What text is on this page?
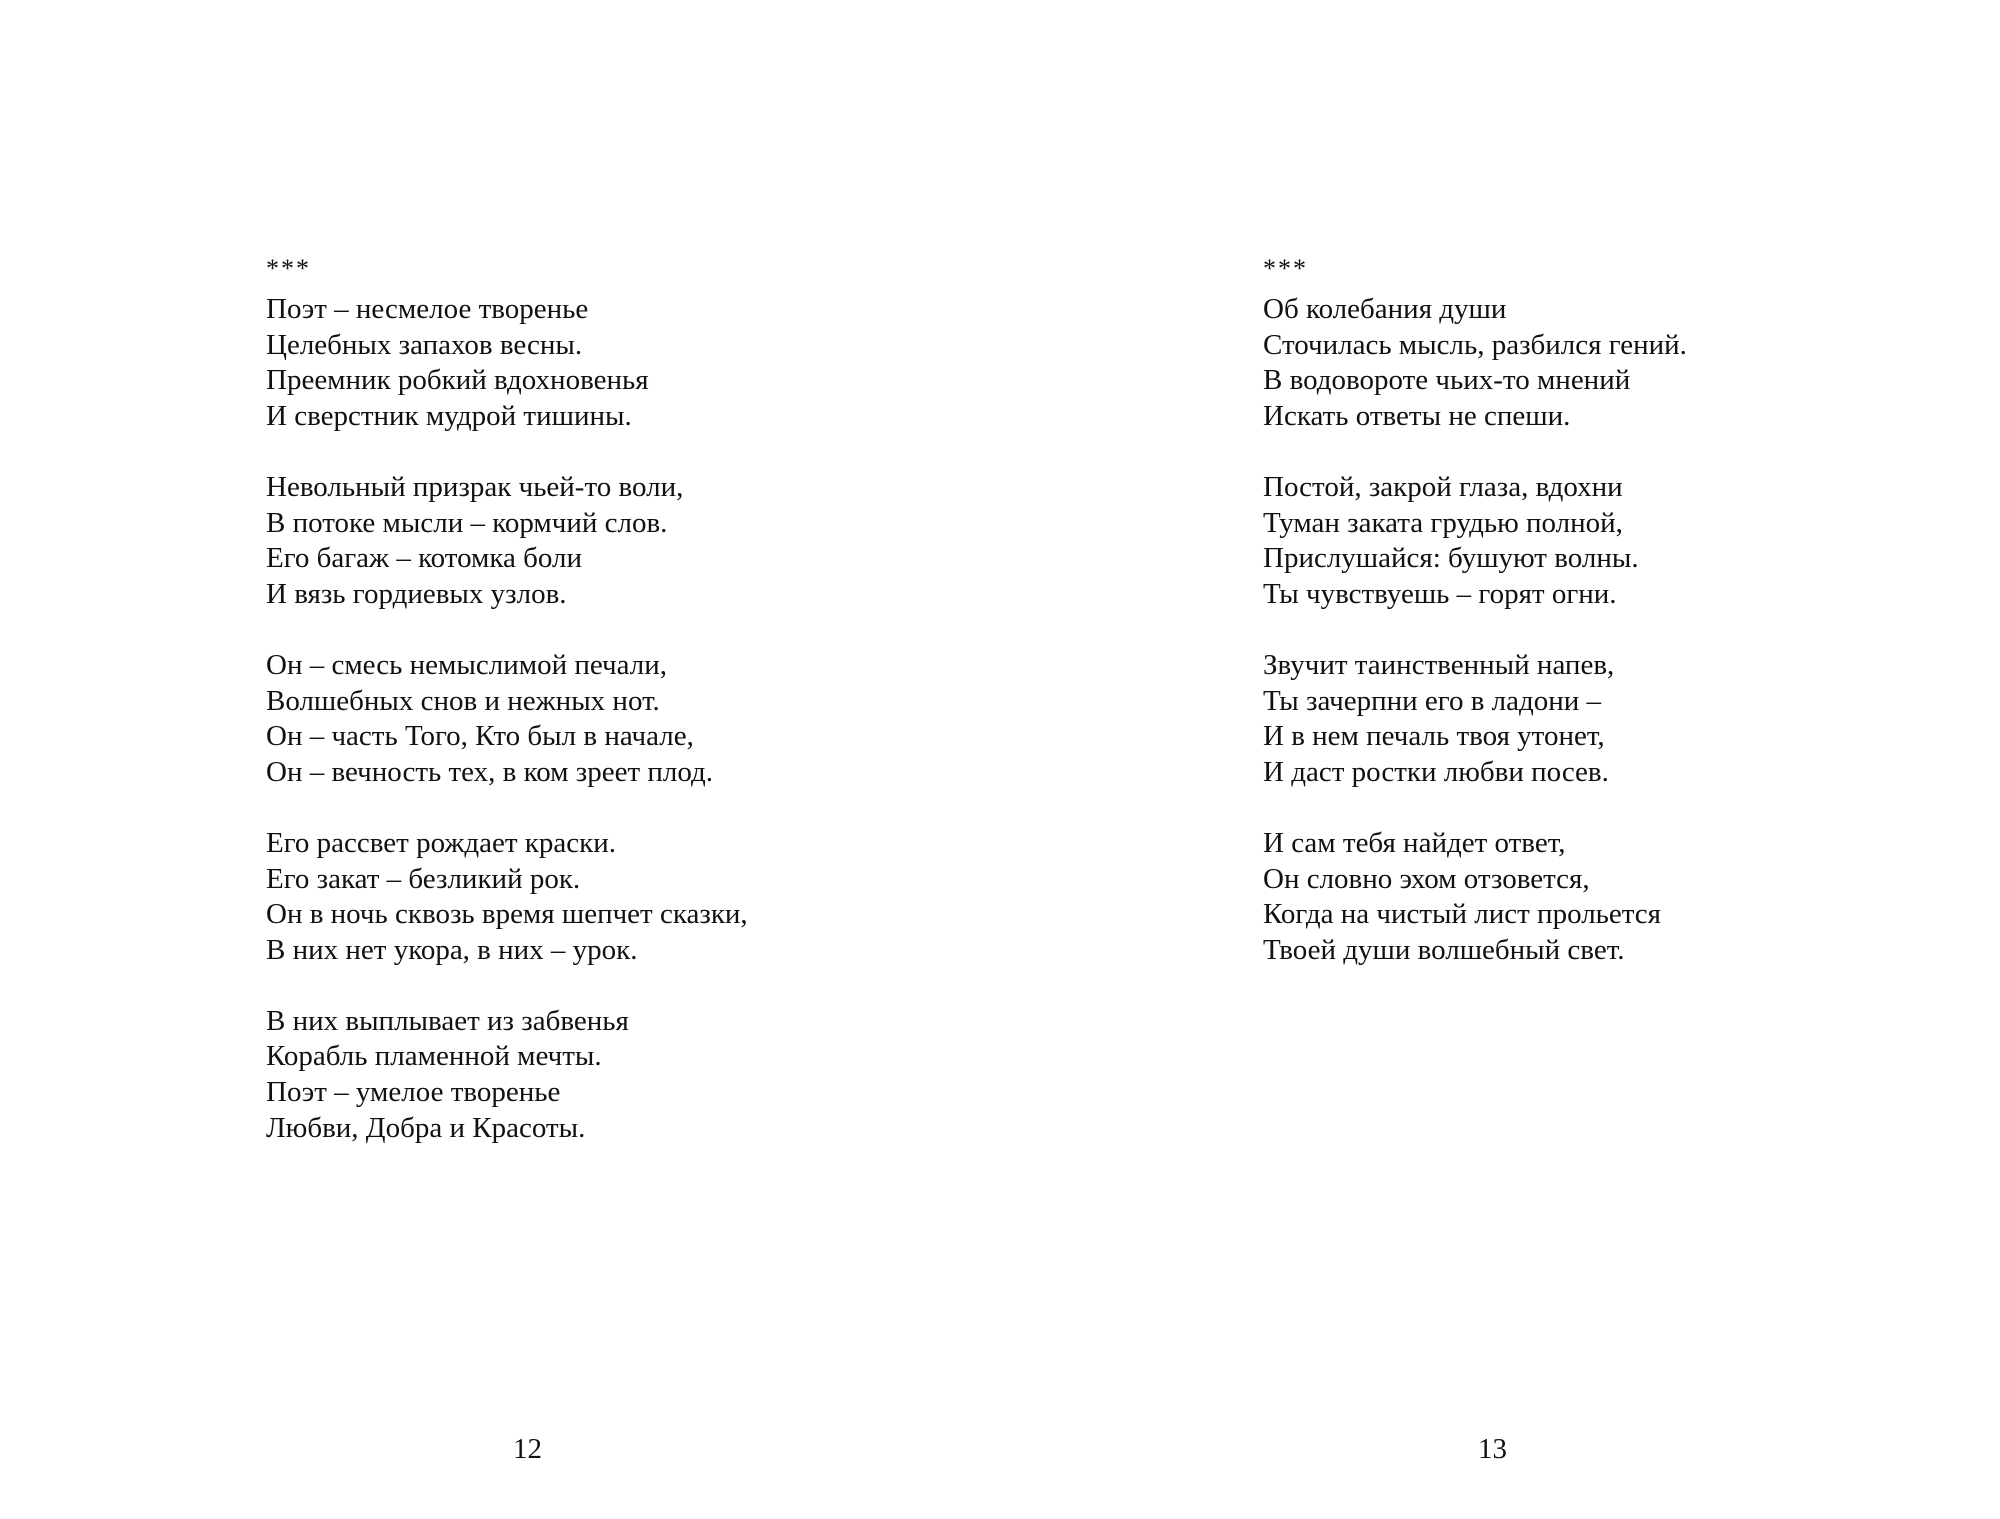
***
Поэт – несмелое творенье
Целебных запахов весны.
Преемник робкий вдохновенья
И сверстник мудрой тишины.
Невольный призрак чьей-то воли,
В потоке мысли – кормчий слов.
Его багаж – котомка боли
И вязь гордиевых узлов.
Он – смесь немыслимой печали,
Волшебных снов и нежных нот.
Он – часть Того, Кто был в начале,
Он – вечность тех, в ком зреет плод.
Его рассвет рождает краски.
Его закат – безликий рок.
Он в ночь сквозь время шепчет сказки,
В них нет укора, в них – урок.
В них выплывает из забвенья
Корабль пламенной мечты.
Поэт – умелое творенье
Любви, Добра и Красоты.
12
***
Об колебания души
Сточилась мысль, разбился гений.
В водовороте чьих-то мнений
Искать ответы не спеши.
Постой, закрой глаза, вдохни
Туман заката грудью полной,
Прислушайся: бушуют волны.
Ты чувствуешь – горят огни.
Звучит таинственный напев,
Ты зачерпни его в ладони –
И в нем печаль твоя утонет,
И даст ростки любви посев.
И сам тебя найдет ответ,
Он словно эхом отзовется,
Когда на чистый лист прольется
Твоей души волшебный свет.
13
